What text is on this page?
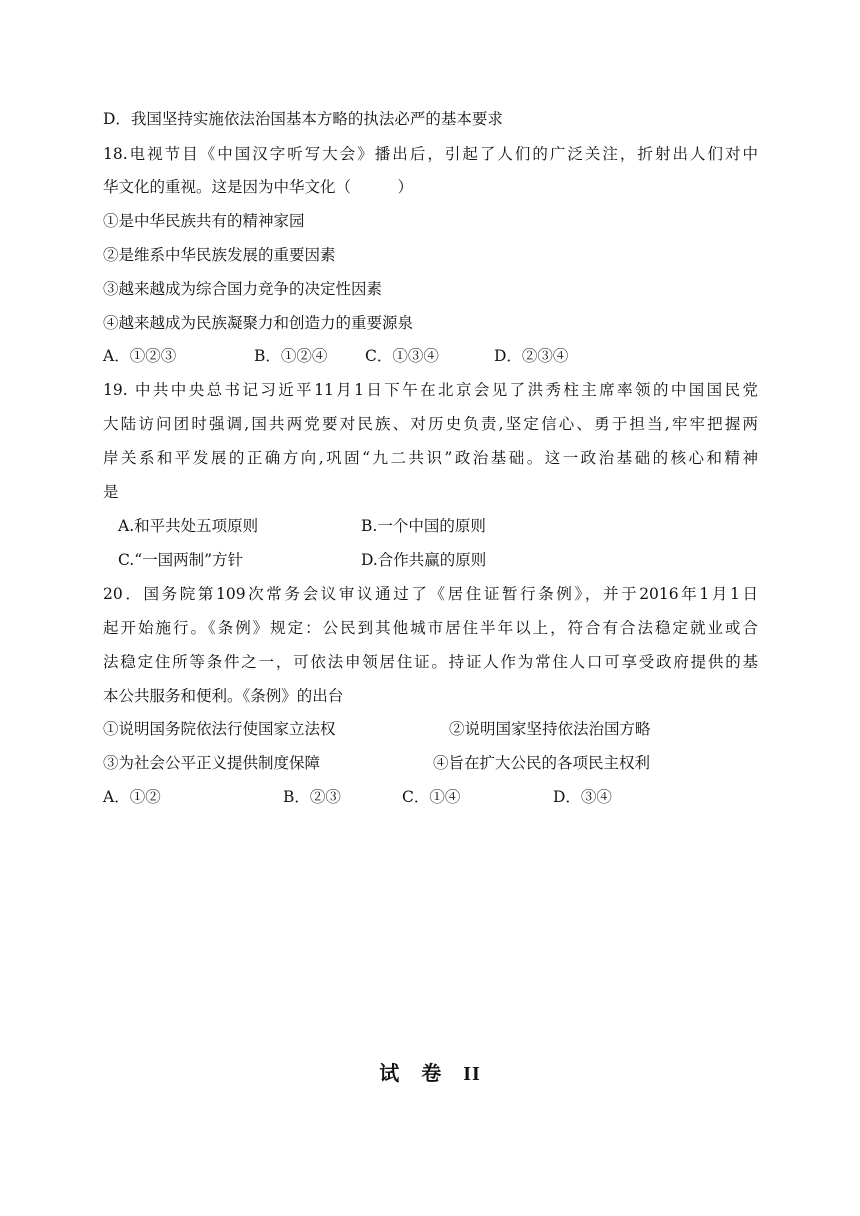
D．我国坚持实施依法治国基本方略的执法必严的基本要求
18.电视节目《中国汉字听写大会》播出后，引起了人们的广泛关注，折射出人们对中
华文化的重视。这是因为中华文化（　　　）
①是中华民族共有的精神家园
②是维系中华民族发展的重要因素
③越来越成为综合国力竞争的决定性因素
④越来越成为民族凝聚力和创造力的重要源泉
A．①②③	B．①②④ C．①③④	D．②③④
19. 中共中央总书记习近平11月1日下午在北京会见了洪秀柱主席率领的中国国民党
大陆访问团时强调,国共两党要对民族、对历史负责,坚定信心、勇于担当,牢牢把握两
岸关系和平发展的正确方向,巩固“九二共识”政治基础。这一政治基础的核心和精神
是
A.和平共处五项原则	B.一个中国的原则
C.“一国两制”方针	D.合作共赢的原则
20．国务院第109次常务会议审议通过了《居住证暂行条例》，并于2016年1月1日
起开始施行。《条例》规定：公民到其他城市居住半年以上，符合有合法稳定就业或合
法稳定住所等条件之一，可依法申领居住证。持证人作为常住人口可享受政府提供的基
本公共服务和便利。《条例》的出台
①说明国务院依法行使国家立法权	②说明国家坚持依法治国方略
③为社会公平正义提供制度保障	④旨在扩大公民的各项民主权利
A．①②	B．②③	C．①④	D．③④
试 卷 II
